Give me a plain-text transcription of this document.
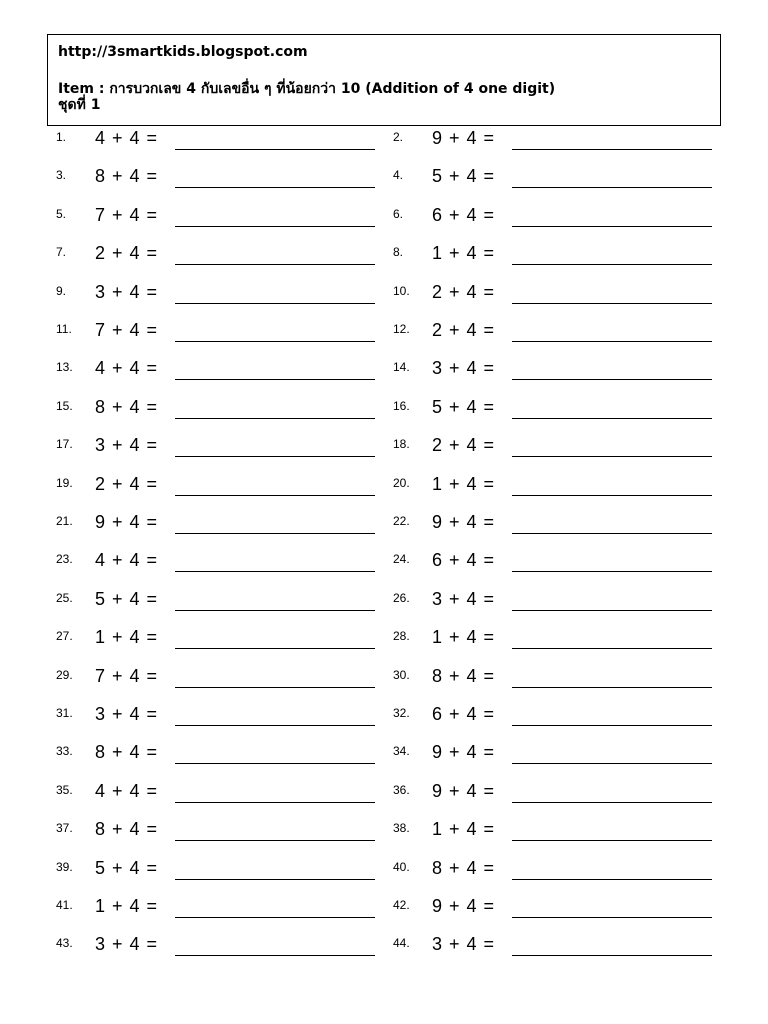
http://3smartkids.blogspot.com
Item : การบวกเลข 4 กับเลขอื่น ๆ ที่น้อยกว่า 10 (Addition of 4 one digit)
ชุดที่ 1
1. 4 + 4 =	2. 9 + 4 =
3. 8 + 4 =	4. 5 + 4 =
5. 7 + 4 =	6. 6 + 4 =
7. 2 + 4 =	8. 1 + 4 =
9. 3 + 4 =	10. 2 + 4 =
11. 7 + 4 =	12. 2 + 4 =
13. 4 + 4 =	14. 3 + 4 =
15. 8 + 4 =	16. 5 + 4 =
17. 3 + 4 =	18. 2 + 4 =
19. 2 + 4 =	20. 1 + 4 =
21. 9 + 4 =	22. 9 + 4 =
23. 4 + 4 =	24. 6 + 4 =
25. 5 + 4 =	26. 3 + 4 =
27. 1 + 4 =	28. 1 + 4 =
29. 7 + 4 =	30. 8 + 4 =
31. 3 + 4 =	32. 6 + 4 =
33. 8 + 4 =	34. 9 + 4 =
35. 4 + 4 =	36. 9 + 4 =
37. 8 + 4 =	38. 1 + 4 =
39. 5 + 4 =	40. 8 + 4 =
41. 1 + 4 =	42. 9 + 4 =
43. 3 + 4 =	44. 3 + 4 =
